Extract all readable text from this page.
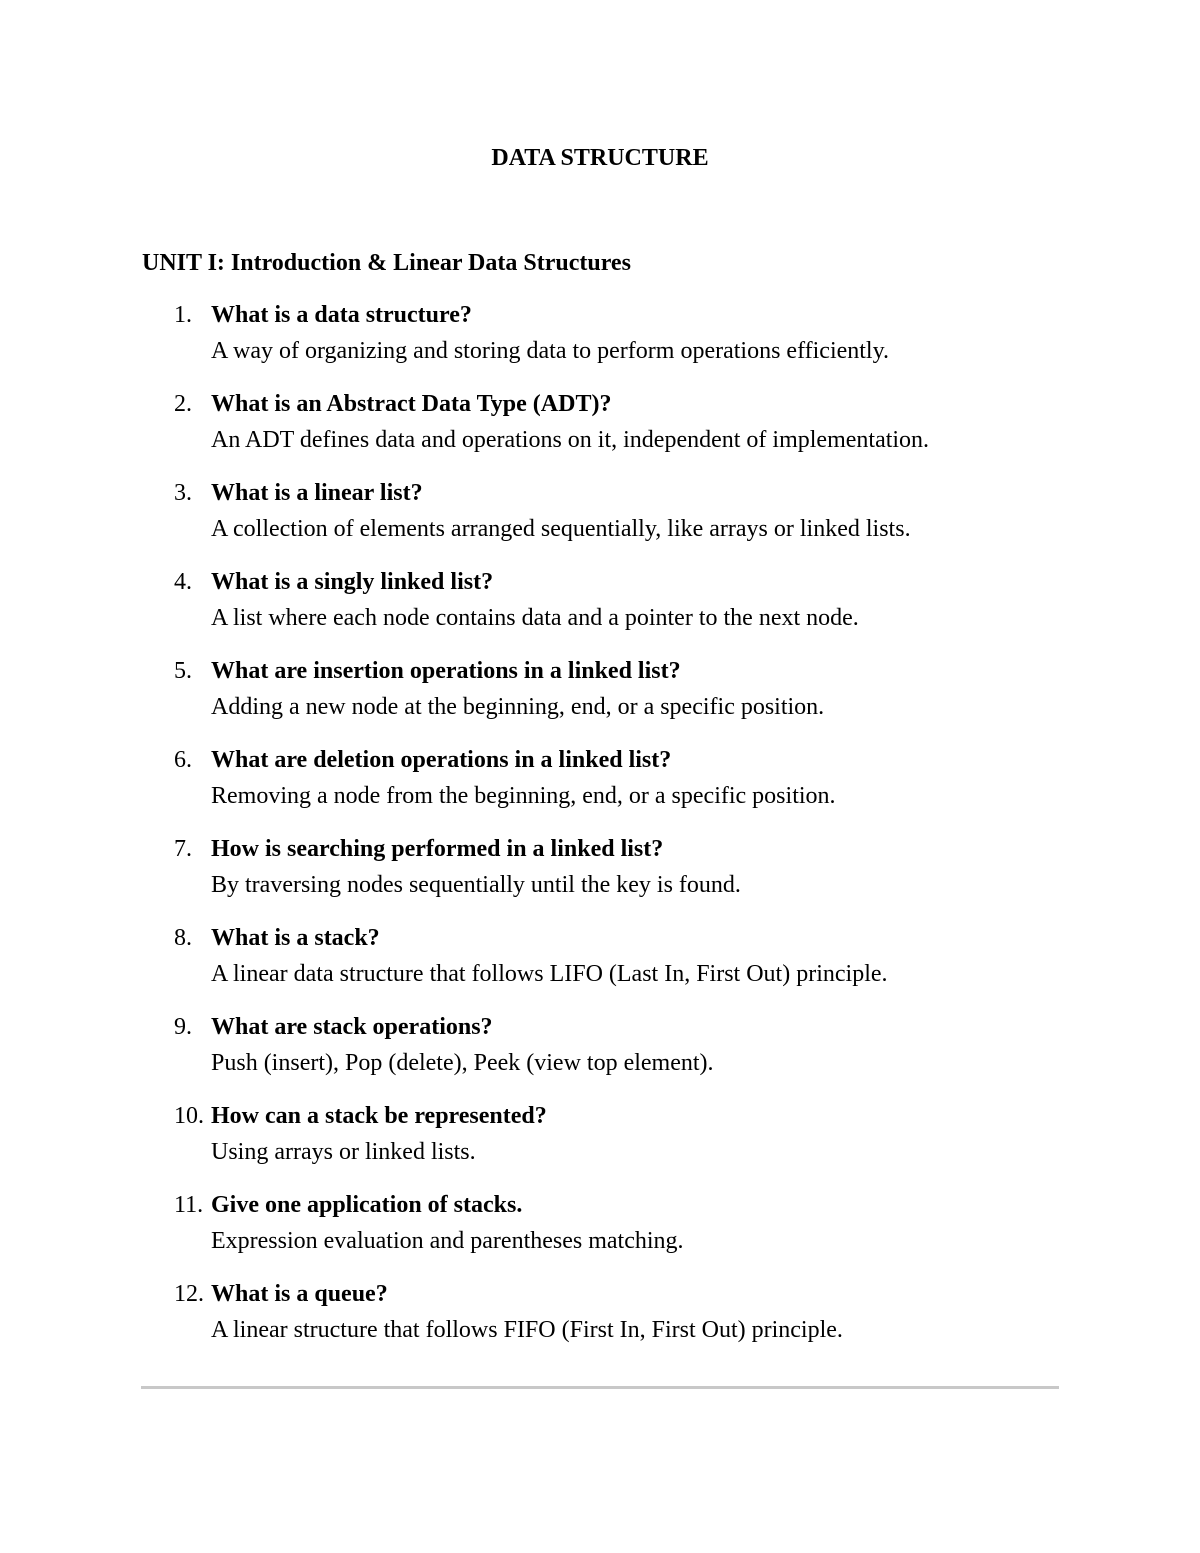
DATA STRUCTURE
UNIT I: Introduction & Linear Data Structures
1. What is a data structure?
A way of organizing and storing data to perform operations efficiently.
2. What is an Abstract Data Type (ADT)?
An ADT defines data and operations on it, independent of implementation.
3. What is a linear list?
A collection of elements arranged sequentially, like arrays or linked lists.
4. What is a singly linked list?
A list where each node contains data and a pointer to the next node.
5. What are insertion operations in a linked list?
Adding a new node at the beginning, end, or a specific position.
6. What are deletion operations in a linked list?
Removing a node from the beginning, end, or a specific position.
7. How is searching performed in a linked list?
By traversing nodes sequentially until the key is found.
8. What is a stack?
A linear data structure that follows LIFO (Last In, First Out) principle.
9. What are stack operations?
Push (insert), Pop (delete), Peek (view top element).
10. How can a stack be represented?
Using arrays or linked lists.
11. Give one application of stacks.
Expression evaluation and parentheses matching.
12. What is a queue?
A linear structure that follows FIFO (First In, First Out) principle.
